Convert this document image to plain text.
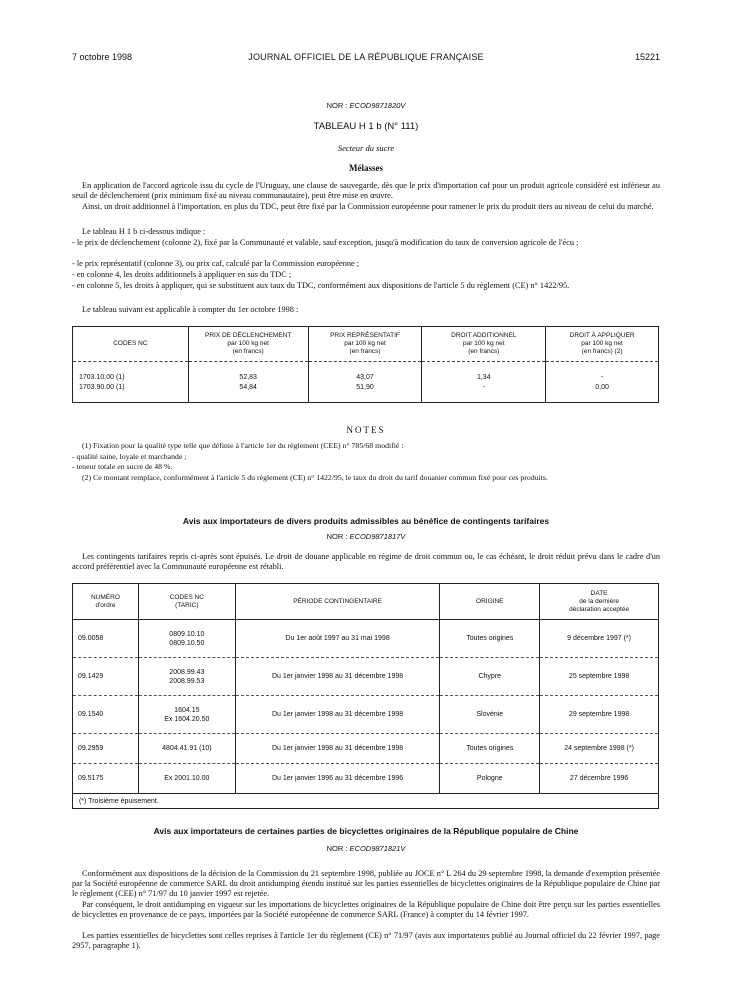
7 octobre 1998	JOURNAL OFFICIEL DE LA RÉPUBLIQUE FRANÇAISE	15221
NOR : ECOD9871820V
TABLEAU H 1 b (N° 111)
Secteur du sucre
Mélasses

En application de l'accord agricole issu du cycle de l'Uruguay, une clause de sauvegarde, dès que le prix d'importation caf pour un produit agricole considéré est inférieur au seuil de déclenchement (prix minimum fixé au niveau communautaire), peut être mise en œuvre.

Ainsi, un droit additionnel à l'importation, en plus du TDC, peut être fixé par la Commission européenne pour ramener le prix du produit tiers au niveau de celui du marché.

Le tableau H 1 b ci-dessous indique :

- le prix de déclenchement (colonne 2), fixé par la Communauté et valable, sauf exception, jusqu'à modification du taux de conversion agricole de l'écu ;

- le prix représentatif (colonne 3), ou prix caf, calculé par la Commission européenne ;

- en colonne 4, les droits additionnels à appliquer en sus du TDC ;

- en colonne 5, les droits à appliquer, qui se substituent aux taux du TDC, conformément aux dispositions de l'article 5 du règlement (CE) n° 1422/95.

Le tableau suivant est applicable à compter du 1er octobre 1998 :

CODES NC	PRIX DE DÉCLENCHEMENT
par 100 kg net
(en francs)	PRIX REPRÉSENTATIF
par 100 kg net
(en francs)	DROIT ADDITIONNEL
par 100 kg net
(en francs)	DROIT À APPLIQUER
par 100 kg net
(en francs) (2)

1703.10.00 (1)	52,83	43,07	1,34	-
1703.90.00 (1)	54,84	51,90	-	0,00

NOTES

(1) Fixation pour la qualité type telle que définie à l'article 1er du règlement (CEE) n° 785/68 modifié :

- qualité saine, loyale et marchande ;

- teneur totale en sucre de 48 %.

(2) Ce montant remplace, conformément à l'article 5 du règlement (CE) n° 1422/95, le taux du droit du tarif douanier commun fixé pour ces produits.

Avis aux importateurs de divers produits admissibles au bénéfice de contingents tarifaires
NOR : ECOD9871817V

Les contingents tarifaires repris ci-après sont épuisés. Le droit de douane applicable en régime de droit commun ou, le cas échéant, le droit réduit prévu dans le cadre d'un accord préférentiel avec la Communauté européenne est rétabli.

NUMÉRO
d'ordre	CODES NC
(TARIC)	PÉRIODE CONTINGENTAIRE	ORIGINE	DATE
de la dernière
déclaration acceptée
09.0058	0809.10.10
0809.10.50	Du 1er août 1997 au 31 mai 1998	Toutes origines	9 décembre 1997 (*)
09.1429	2008.99.43
2008.99.53	Du 1er janvier 1998 au 31 décembre 1998	Chypre	25 septembre 1998
09.1540	1604.15
Ex 1604.20.50	Du 1er janvier 1998 au 31 décembre 1998	Slovénie	29 septembre 1998
09.2959	4804.41.91 (10)	Du 1er janvier 1998 au 31 décembre 1998	Toutes origines	24 septembre 1998 (*)
09.5175	Ex 2001.10.00	Du 1er janvier 1996 au 31 décembre 1996	Pologne	27 décembre 1996
(*) Troisième épuisement.				
Avis aux importateurs de certaines parties de bicyclettes originaires de la République populaire de Chine
NOR : ECOD9871821V

Conformément aux dispositions de la décision de la Commission du 21 septembre 1998, publiée au JOCE n° L 264 du 29 septembre 1998, la demande d'exemption présentée par la Société européenne de commerce SARL du droit antidumping étendu institué sur les parties essentielles de bicyclettes originaires de la République populaire de Chine par le règlement (CEE) n° 71/97 du 10 janvier 1997 est rejetée.

Par conséquent, le droit antidumping en vigueur sur les importations de bicyclettes originaires de la République populaire de Chine doit être perçu sur les parties essentielles de bicyclettes en provenance de ce pays, importées par la Société européenne de commerce SARL (France) à compter du 14 février 1997.

Les parties essentielles de bicyclettes sont celles reprises à l'article 1er du règlement (CE) n° 71/97 (avis aux importateurs publié au Journal officiel du 22 février 1997, page 2957, paragraphe 1).
